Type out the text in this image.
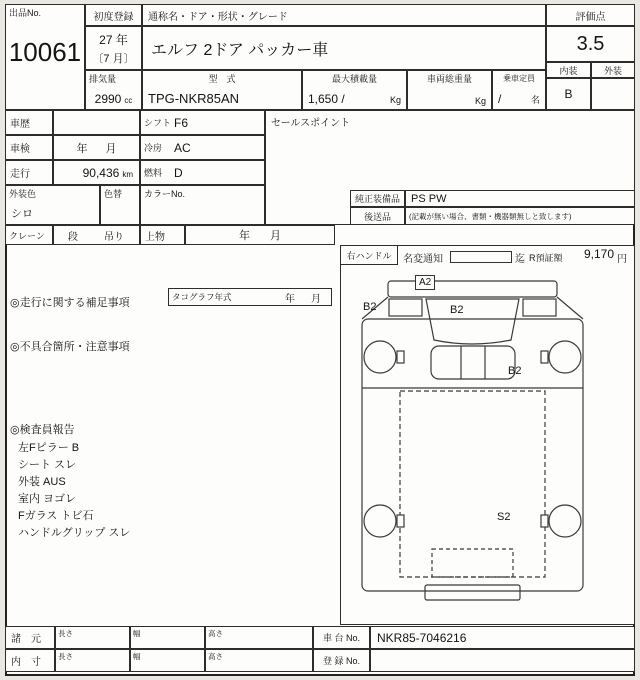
出品No.
10061
初度登録
27 年
〔7 月〕
通称名・ドア・形状・グレード
エルフ 2ドア パッカー車
評価点
3.5
内装	外装
B
排気量
2990 cc
型　式
TPG-NKR85AN
最大積載量
1,650 /	Kg
車両総重量
Kg
乗車定員
/	名
車歴	シフト F6
車検	年 月	冷房 AC
走行	90,436 km	燃料 D
外装色
シロ
色替 カラーNo.
セールスポイント
純正装備品	PS PW
後送品	(記載が無い場合、書類・機器類無しと致します)
クレーン	段	吊り	上物	年 月
◎走行に関する補足事項	タコグラフ年式	年 月
◎不具合箇所・注意事項
◎検査員報告
左Fピラー B
シート スレ
外装 AUS
室内 ヨゴレ
Fガラス トビ石
ハンドルグリップ スレ
右ハンドル	名変通知	迄 R預証額	9,170 円
A2
B2	B2
B2
S2
諸　元
長さ	幅	高さ	車 台 No.	NKR85-7046216
内　寸
長さ	幅	高さ	登 録 No.
